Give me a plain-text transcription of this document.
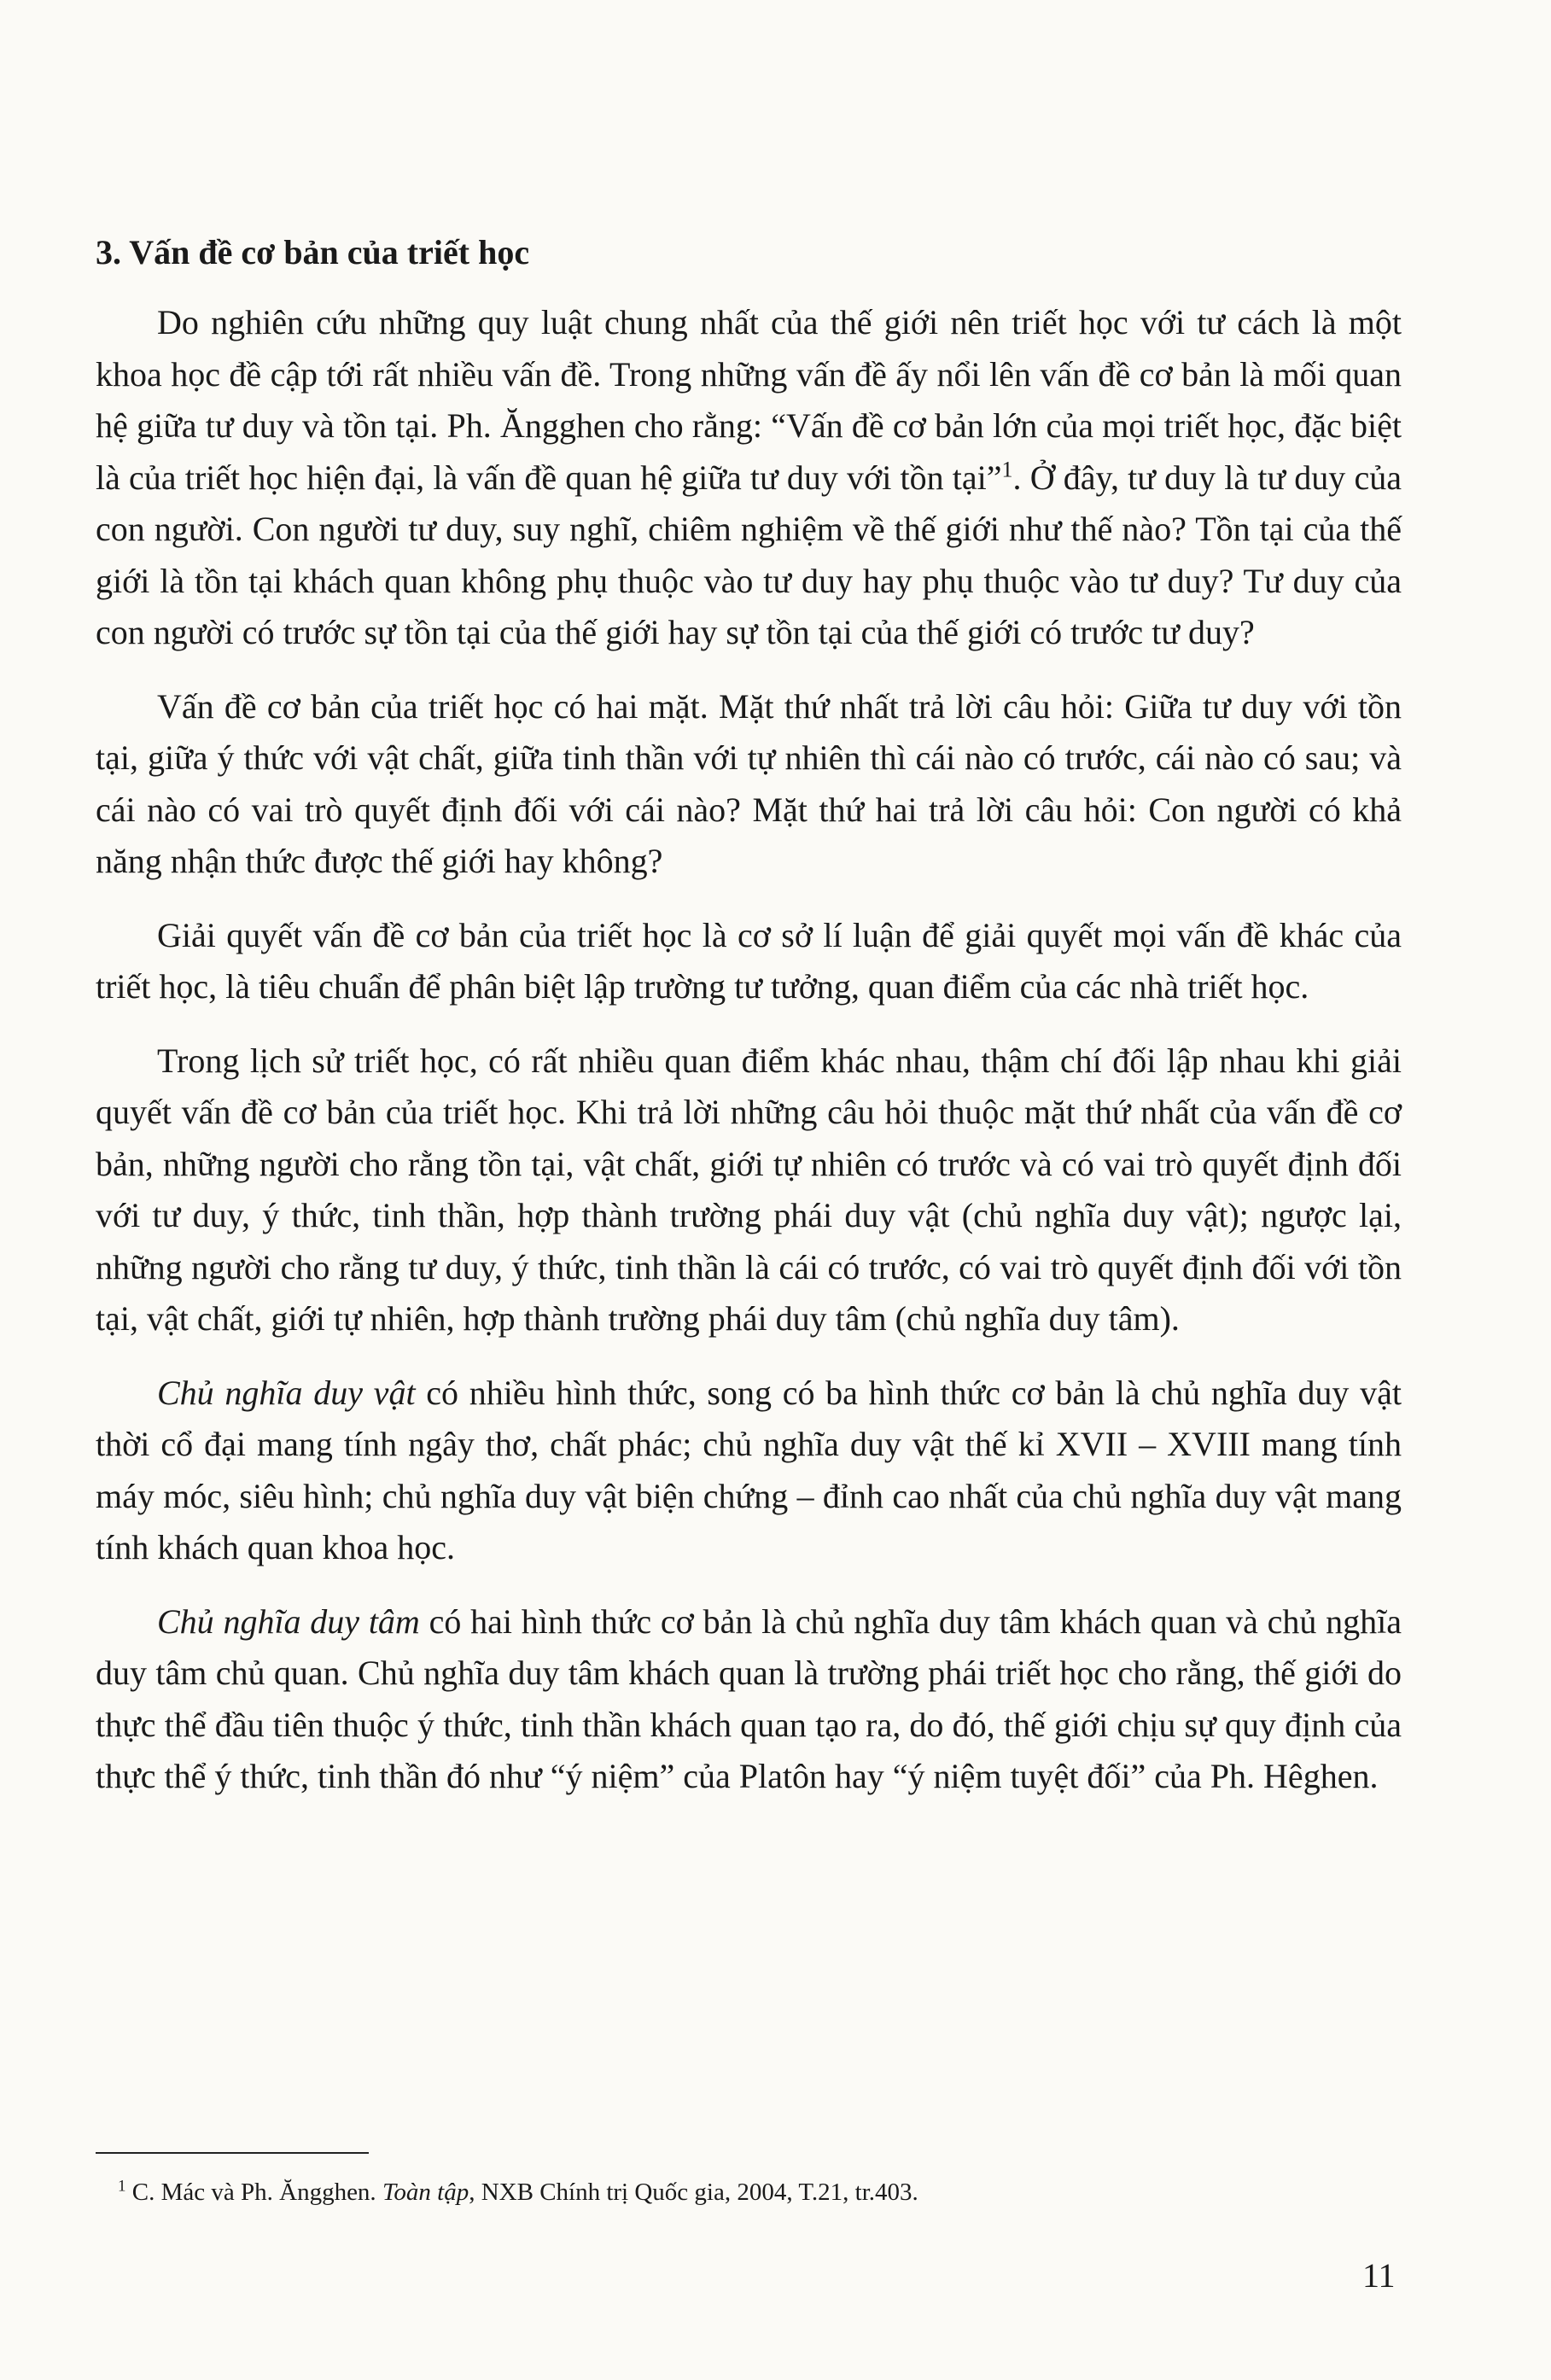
3. Vấn đề cơ bản của triết học

Do nghiên cứu những quy luật chung nhất của thế giới nên triết học với tư cách là một khoa học đề cập tới rất nhiều vấn đề. Trong những vấn đề ấy nổi lên vấn đề cơ bản là mối quan hệ giữa tư duy và tồn tại. Ph. Ăngghen cho rằng: “Vấn đề cơ bản lớn của mọi triết học, đặc biệt là của triết học hiện đại, là vấn đề quan hệ giữa tư duy với tồn tại”$^1$. Ở đây, tư duy là tư duy của con người. Con người tư duy, suy nghĩ, chiêm nghiệm về thế giới như thế nào? Tồn tại của thế giới là tồn tại khách quan không phụ thuộc vào tư duy hay phụ thuộc vào tư duy? Tư duy của con người có trước sự tồn tại của thế giới hay sự tồn tại của thế giới có trước tư duy?

Vấn đề cơ bản của triết học có hai mặt. Mặt thứ nhất trả lời câu hỏi: Giữa tư duy với tồn tại, giữa ý thức với vật chất, giữa tinh thần với tự nhiên thì cái nào có trước, cái nào có sau; và cái nào có vai trò quyết định đối với cái nào? Mặt thứ hai trả lời câu hỏi: Con người có khả năng nhận thức được thế giới hay không?

Giải quyết vấn đề cơ bản của triết học là cơ sở lí luận để giải quyết mọi vấn đề khác của triết học, là tiêu chuẩn để phân biệt lập trường tư tưởng, quan điểm của các nhà triết học.

Trong lịch sử triết học, có rất nhiều quan điểm khác nhau, thậm chí đối lập nhau khi giải quyết vấn đề cơ bản của triết học. Khi trả lời những câu hỏi thuộc mặt thứ nhất của vấn đề cơ bản, những người cho rằng tồn tại, vật chất, giới tự nhiên có trước và có vai trò quyết định đối với tư duy, ý thức, tinh thần, hợp thành trường phái duy vật (chủ nghĩa duy vật); ngược lại, những người cho rằng tư duy, ý thức, tinh thần là cái có trước, có vai trò quyết định đối với tồn tại, vật chất, giới tự nhiên, hợp thành trường phái duy tâm (chủ nghĩa duy tâm).

Chủ nghĩa duy vật có nhiều hình thức, song có ba hình thức cơ bản là chủ nghĩa duy vật thời cổ đại mang tính ngây thơ, chất phác; chủ nghĩa duy vật thế kỉ XVII – XVIII mang tính máy móc, siêu hình; chủ nghĩa duy vật biện chứng – đỉnh cao nhất của chủ nghĩa duy vật mang tính khách quan khoa học.

Chủ nghĩa duy tâm có hai hình thức cơ bản là chủ nghĩa duy tâm khách quan và chủ nghĩa duy tâm chủ quan. Chủ nghĩa duy tâm khách quan là trường phái triết học cho rằng, thế giới do thực thể đầu tiên thuộc ý thức, tinh thần khách quan tạo ra, do đó, thế giới chịu sự quy định của thực thể ý thức, tinh thần đó như “ý niệm” của Platôn hay “ý niệm tuyệt đối” của Ph. Hêghen.

$^1$ C. Mác và Ph. Ăngghen. Toàn tập, NXB Chính trị Quốc gia, 2004, T.21, tr.403.
11
